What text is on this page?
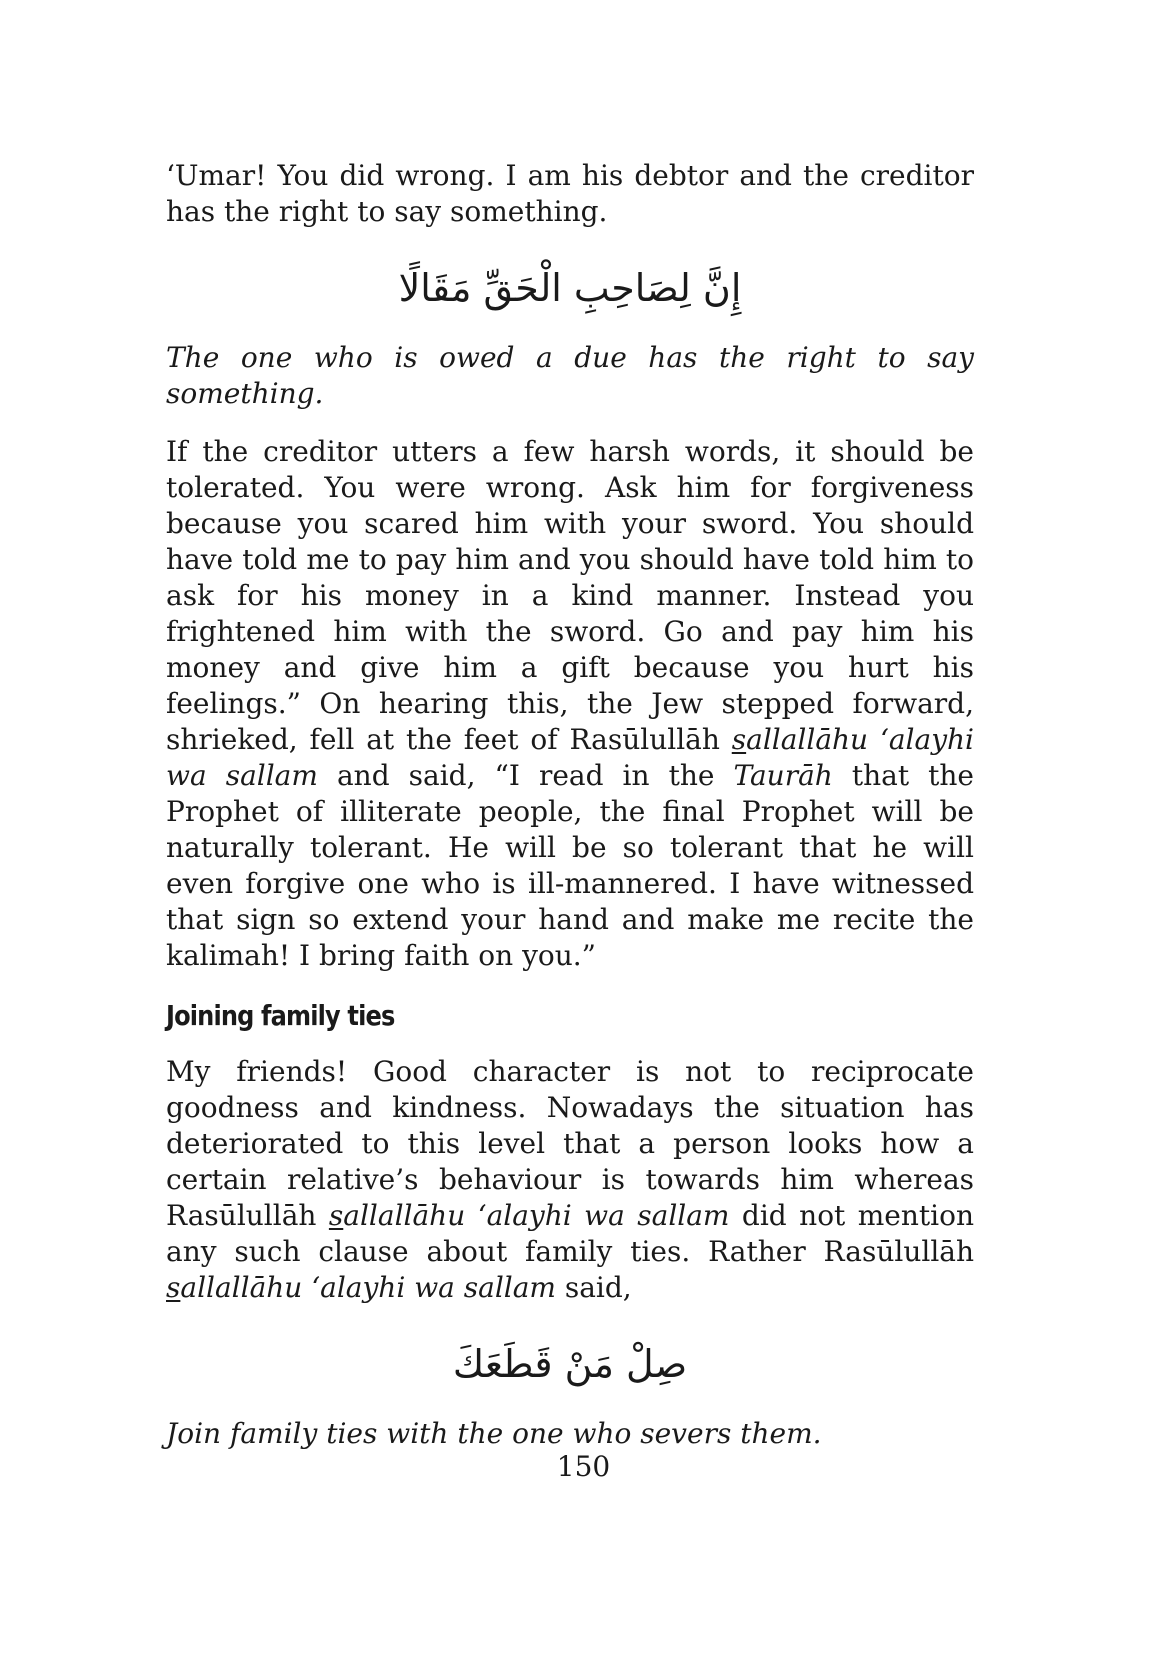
‘Umar! You did wrong. I am his debtor and the creditor has the right to say something.

إِنَّ لِصَاحِبِ الْحَقِّ مَقَالًا

The one who is owed a due has the right to say something.

If the creditor utters a few harsh words, it should be tolerated. You were wrong. Ask him for forgiveness because you scared him with your sword. You should have told me to pay him and you should have told him to ask for his money in a kind manner. Instead you frightened him with the sword. Go and pay him his money and give him a gift because you hurt his feelings.” On hearing this, the Jew stepped forward, shrieked, fell at the feet of Rasūlullāh sallallāhu ‘alayhi wa sallam and said, “I read in the Taurāh that the Prophet of illiterate people, the final Prophet will be naturally tolerant. He will be so tolerant that he will even forgive one who is ill-mannered. I have witnessed that sign so extend your hand and make me recite the kalimah! I bring faith on you.”

Joining family ties

My friends! Good character is not to reciprocate goodness and kindness. Nowadays the situation has deteriorated to this level that a person looks how a certain relative’s behaviour is towards him whereas Rasūlullāh sallallāhu ‘alayhi wa sallam did not mention any such clause about family ties. Rather Rasūlullāh sallallāhu ‘alayhi wa sallam said,

صِلْ مَنْ قَطَعَكَ

Join family ties with the one who severs them.

150
